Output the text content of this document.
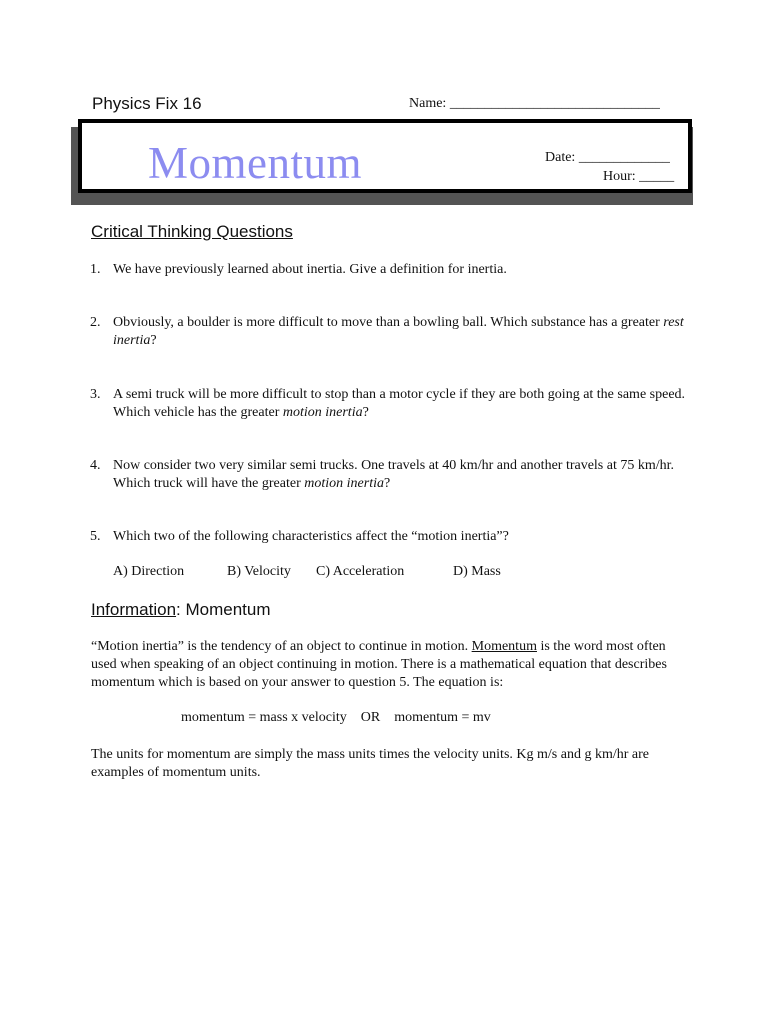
Physics Fix 16	Name: ______________________________
Momentum	Date: _____________
Hour: _____
Critical Thinking Questions
1. We have previously learned about inertia. Give a definition for inertia.
2. Obviously, a boulder is more difficult to move than a bowling ball. Which substance has a greater rest inertia?
3. A semi truck will be more difficult to stop than a motor cycle if they are both going at the same speed. Which vehicle has the greater motion inertia?
4. Now consider two very similar semi trucks. One travels at 40 km/hr and another travels at 75 km/hr. Which truck will have the greater motion inertia?
5. Which two of the following characteristics affect the “motion inertia”?
A) Direction	B) Velocity C) Acceleration	D) Mass
Information: Momentum
“Motion inertia” is the tendency of an object to continue in motion. Momentum is the word most often used when speaking of an object continuing in motion. There is a mathematical equation that describes momentum which is based on your answer to question 5. The equation is:
momentum = mass x velocity    OR    momentum = mv
The units for momentum are simply the mass units times the velocity units. Kg m/s and g km/hr are examples of momentum units.
